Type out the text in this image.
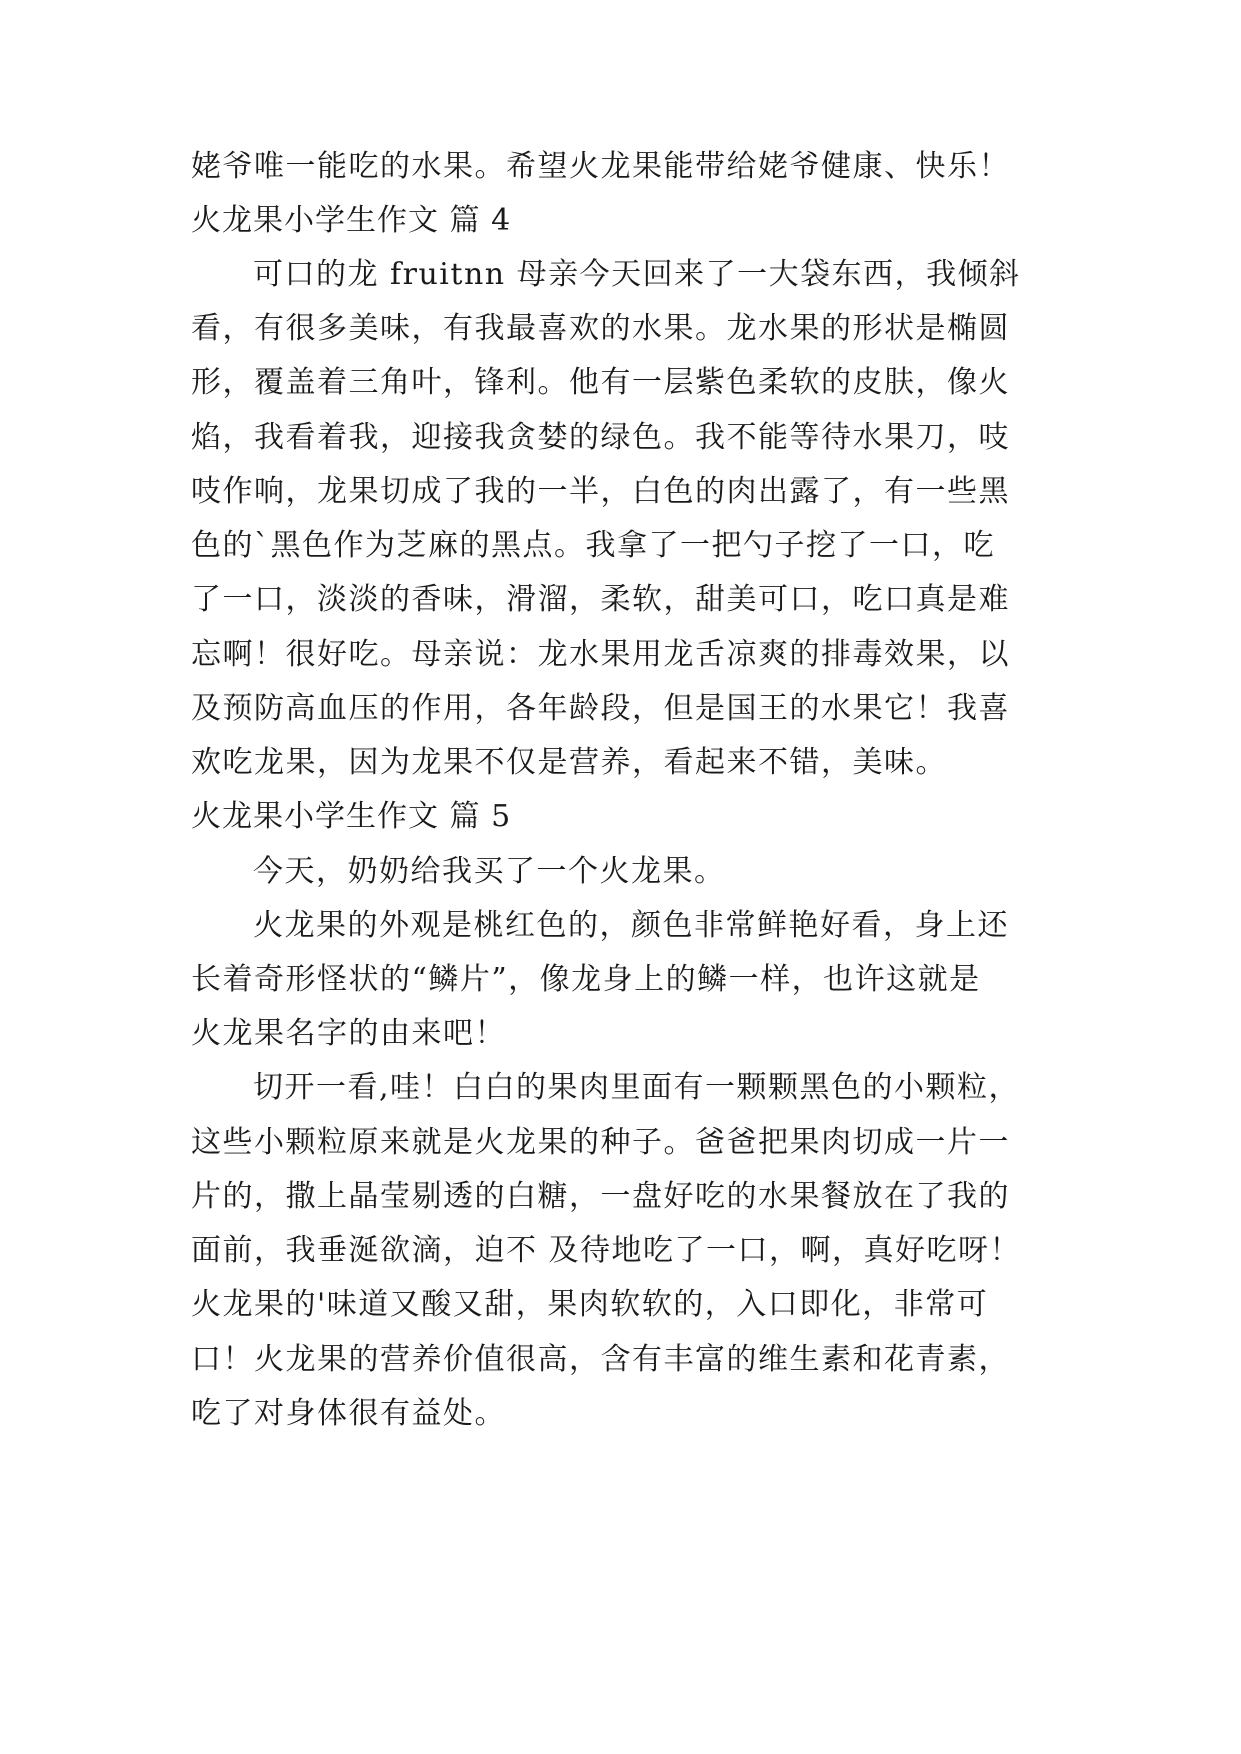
姥爷唯一能吃的水果。希望火龙果能带给姥爷健康、快乐！
火龙果小学生作文 篇 4
可口的龙 fruitnn 母亲今天回来了一大袋东西，我倾斜
看，有很多美味，有我最喜欢的水果。龙水果的形状是椭圆
形，覆盖着三角叶，锋利。他有一层紫色柔软的皮肤，像火
焰，我看着我，迎接我贪婪的绿色。我不能等待水果刀，吱
吱作响，龙果切成了我的一半，白色的肉出露了，有一些黑
色的`黑色作为芝麻的黑点。我拿了一把勺子挖了一口，吃
了一口，淡淡的香味，滑溜，柔软，甜美可口，吃口真是难
忘啊！很好吃。母亲说：龙水果用龙舌凉爽的排毒效果，以
及预防高血压的作用，各年龄段，但是国王的水果它！我喜
欢吃龙果，因为龙果不仅是营养，看起来不错，美味。
火龙果小学生作文 篇 5
今天，奶奶给我买了一个火龙果。
火龙果的外观是桃红色的，颜色非常鲜艳好看，身上还
长着奇形怪状的“鳞片”，像龙身上的鳞一样，也许这就是
火龙果名字的由来吧！
切开一看,哇！白白的果肉里面有一颗颗黑色的小颗粒，
这些小颗粒原来就是火龙果的种子。爸爸把果肉切成一片一
片的，撒上晶莹剔透的白糖，一盘好吃的水果餐放在了我的
面前，我垂涎欲滴，迫不 及待地吃了一口，啊，真好吃呀！
火龙果的'味道又酸又甜，果肉软软的，入口即化，非常可
口！火龙果的营养价值很高，含有丰富的维生素和花青素，
吃了对身体很有益处。
